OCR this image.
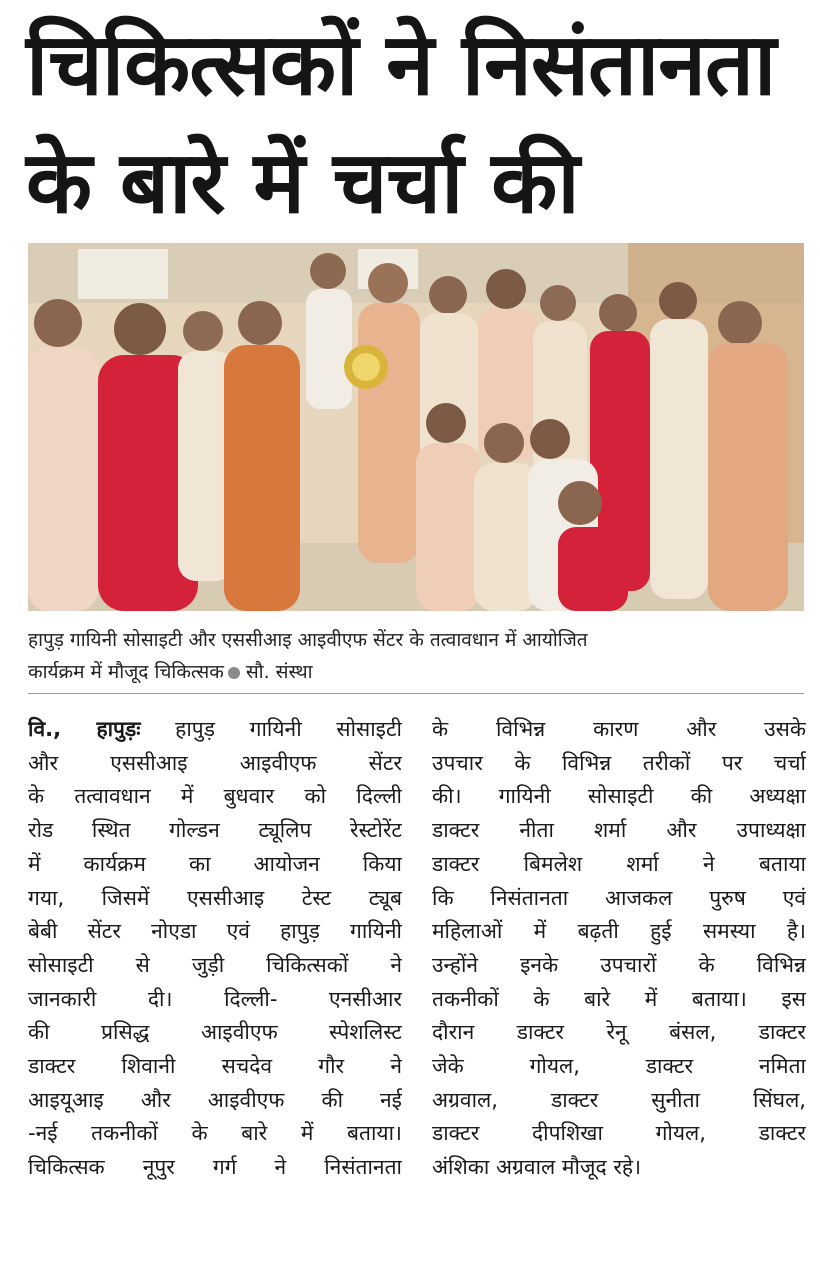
चिकित्सकों ने निसंतानता
के बारे में चर्चा की
हापुड़ गायिनी सोसाइटी और एससीआइ आइवीएफ सेंटर के तत्वावधान में आयोजित
कार्यक्रम में मौजूद चिकित्सक सौ. संस्था
वि., हापुड़ः हापुड़ गायिनी सोसाइटी
और एससीआइ आइवीएफ सेंटर
के तत्वावधान में बुधवार को दिल्ली
रोड स्थित गोल्डन ट्यूलिप रेस्टोरेंट
में कार्यक्रम का आयोजन किया
गया, जिसमें एससीआइ टेस्ट ट्यूब
बेबी सेंटर नोएडा एवं हापुड़ गायिनी
सोसाइटी से जुड़ी चिकित्सकों ने
जानकारी दी। दिल्ली- एनसीआर
की प्रसिद्ध आइवीएफ स्पेशलिस्ट
डाक्टर शिवानी सचदेव गौर ने
आइयूआइ और आइवीएफ की नई
-नई तकनीकों के बारे में बताया।
चिकित्सक नूपुर गर्ग ने निसंतानता
के विभिन्न कारण और उसके
उपचार के विभिन्न तरीकों पर चर्चा
की। गायिनी सोसाइटी की अध्यक्षा
डाक्टर नीता शर्मा और उपाध्यक्षा
डाक्टर बिमलेश शर्मा ने बताया
कि निसंतानता आजकल पुरुष एवं
महिलाओं में बढ़ती हुई समस्या है।
उन्होंने इनके उपचारों के विभिन्न
तकनीकों के बारे में बताया। इस
दौरान डाक्टर रेनू बंसल, डाक्टर
जेके गोयल, डाक्टर नमिता
अग्रवाल, डाक्टर सुनीता सिंघल,
डाक्टर दीपशिखा गोयल, डाक्टर
अंशिका अग्रवाल मौजूद रहे।
